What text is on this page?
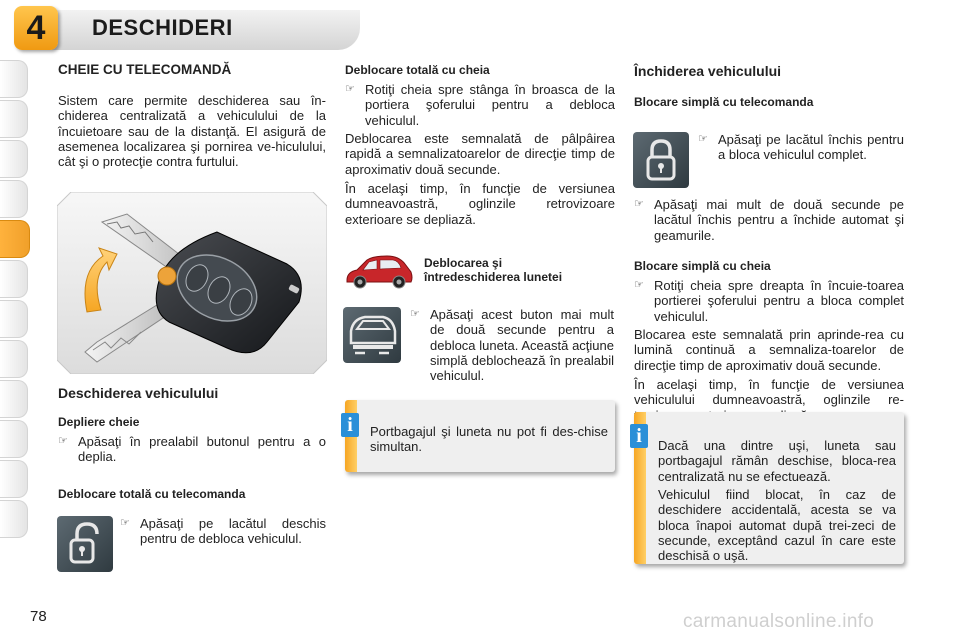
4	DESCHIDERI
CHEIE CU TELECOMANDĂ

Sistem care permite deschiderea sau în-chiderea centralizată a vehiculului de la încuietoare sau de la distanţă. El asigură de asemenea localizarea şi pornirea ve-hiculului, cât şi o protecţie contra furtului.

Deschiderea vehiculului
Depliere cheie
☞ Apăsaţi în prealabil butonul pentru a o deplia.
Deblocare totală cu telecomanda
☞ Apăsaţi pe lacătul deschis pentru de debloca vehiculul.
Deblocare totală cu cheia
☞ Rotiţi cheia spre stânga în broasca de la portiera şoferului pentru a debloca vehiculul.

Deblocarea este semnalată de pâlpâirea rapidă a semnalizatoarelor de direcţie timp de aproximativ două secunde.

În acelaşi timp, în funcţie de versiunea dumneavoastră, oglinzile retrovizoare exterioare se depliază.

Deblocarea şi
întredeschiderea lunetei
☞ Apăsaţi acest buton mai mult de două secunde pentru a debloca luneta. Această acţiune simplă deblochează în prealabil vehiculul.
i	Portbagajul şi luneta nu pot fi des-chise simultan.
Închiderea vehiculului
Blocare simplă cu telecomanda
☞ Apăsaţi pe lacătul închis pentru a bloca vehiculul complet.
☞ Apăsaţi mai mult de două secunde pe lacătul închis pentru a închide automat şi geamurile.
Blocare simplă cu cheia
☞ Rotiţi cheia spre dreapta în încuie-toarea portierei şoferului pentru a bloca complet vehiculul.

Blocarea este semnalată prin aprinde-rea cu lumină continuă a semnaliza-toarelor de direcţie timp de aproximativ două secunde.

În acelaşi timp, în funcţie de versiunea vehiculului dumneavoastră, oglinzile re-

i	Dacă una dintre uşi, luneta sau portbagajul rămân deschise, bloca-rea centralizată nu se efectuează.

Vehiculul fiind blocat, în caz de deschidere accidentală, acesta se va bloca înapoi automat după trei-zeci de secunde, exceptând cazul în care este deschisă o uşă.

78	carmanualsonline.info
